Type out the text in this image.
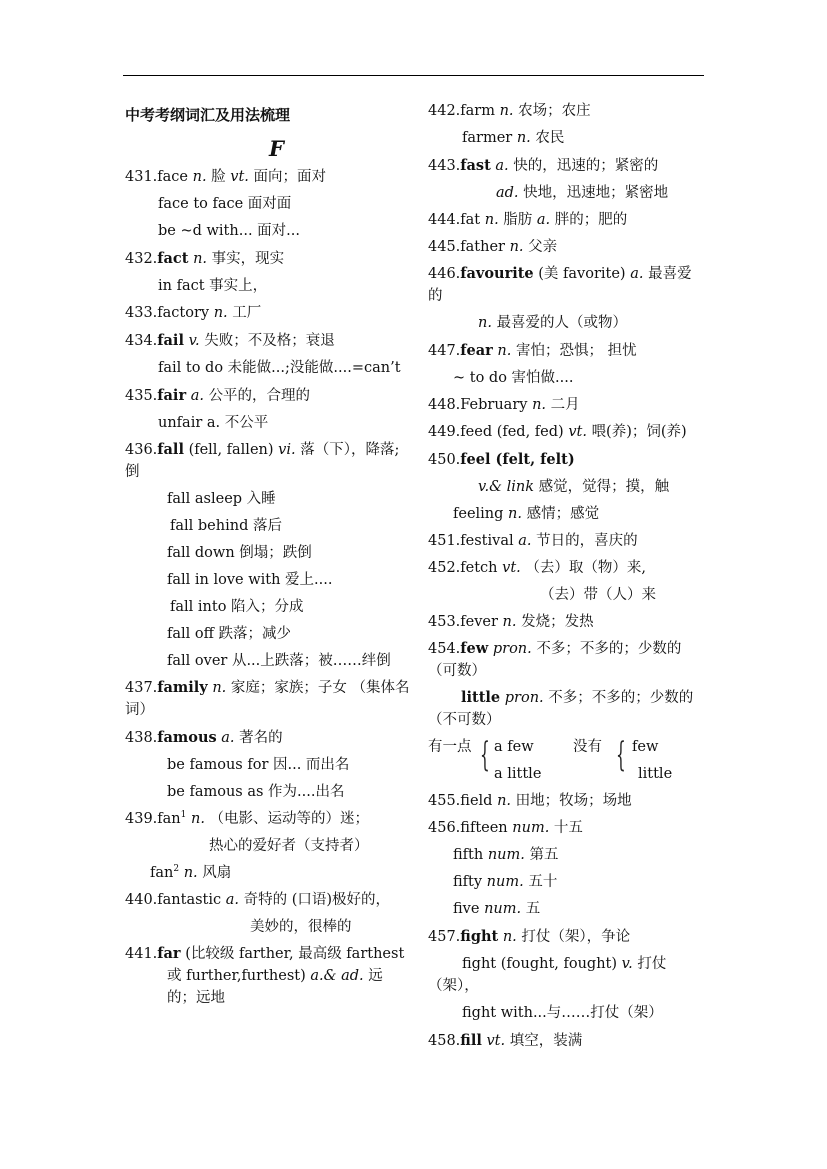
中考考纲词汇及用法梳理
F
431.face n. 脸 vt. 面向；面对
face to face 面对面
be ~d with... 面对...
432.fact n. 事实，现实
in fact 事实上，
433.factory n. 工厂
434.fail v. 失败；不及格；衰退
fail to do 未能做...;没能做....=can’t
435.fair a. 公平的，合理的
unfair a. 不公平
436.fall (fell, fallen) vi. 落（下），降落;倒
fall asleep 入睡
fall behind 落后
fall down 倒塌；跌倒
fall in love with 爱上....
fall into 陷入；分成
fall off 跌落；减少
fall over 从...上跌落；被……绊倒
437.family n. 家庭；家族；子女 （集体名词）
438.famous a. 著名的
be famous for 因... 而出名
be famous as 作为....出名
439.fan$^1$ n. （电影、运动等的）迷；
热心的爱好者（支持者）
fan$^2$ n. 风扇
440.fantastic a. 奇特的 (口语)极好的，
美妙的，很棒的
441.far (比较级 farther, 最高级 farthest 或 further,furthest) a.& ad. 远的；远地
442.farm n. 农场；农庄
farmer n. 农民
443.fast a. 快的，迅速的；紧密的
ad. 快地，迅速地；紧密地
444.fat n. 脂肪 a. 胖的；肥的
445.father n. 父亲
446.favourite (美 favorite) a. 最喜爱的
n. 最喜爱的人（或物）
447.fear n. 害怕；恐惧； 担忧
~ to do 害怕做....
448.February n. 二月
449.feed (fed, fed) vt. 喂(养)；饲(养)
450.feel (felt, felt)
v.& link 感觉，觉得；摸，触
feeling n. 感情；感觉
451.festival a. 节日的，喜庆的
452.fetch vt. （去）取（物）来,
（去）带（人）来
453.fever n. 发烧；发热
454.few pron. 不多；不多的；少数的（可数）
little pron. 不多；不多的；少数的（不可数）
有一点 { a few
a little
没有 { few
little
455.field n. 田地；牧场；场地
456.fifteen num. 十五
fifth num. 第五
fifty num. 五十
five num. 五
457.fight n. 打仗（架），争论
fight (fought, fought) v. 打仗（架），
fight with...与……打仗（架）
458.fill vt. 填空，装满
